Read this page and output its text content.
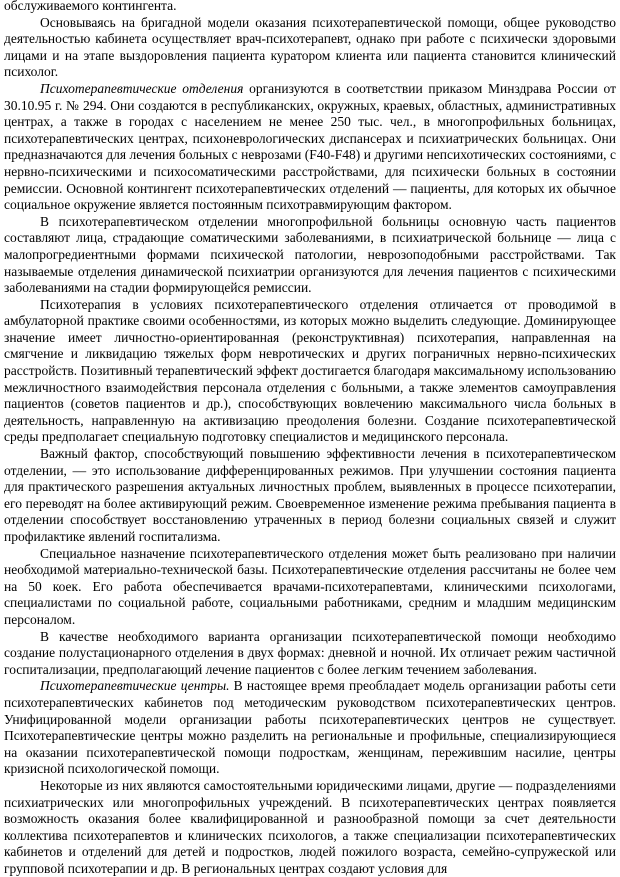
обслуживаемого контингента.

Основываясь на бригадной модели оказания психотерапевтической помощи, общее руководство деятельностью кабинета осуществляет врач-психотерапевт, однако при работе с психически здоровыми лицами и на этапе выздоровления пациента куратором клиента или пациента становится клинический психолог.

Психотерапевтические отделения организуются в соответствии приказом Минздрава России от 30.10.95 г. № 294. Они создаются в республиканских, окружных, краевых, областных, административных центрах, а также в городах с населением не менее 250 тыс. чел., в многопрофильных больницах, психотерапевтических центрах, психоневрологических диспансерах и психиатрических больницах. Они предназначаются для лечения больных с неврозами (F40-F48) и другими непсихотических состояниями, с нервно-психическими и психосоматическими расстройствами, для психически больных в состоянии ремиссии. Основной контингент психотерапевтических отделений — пациенты, для которых их обычное социальное окружение является постоянным психотравмирующим фактором.

В психотерапевтическом отделении многопрофильной больницы основную часть пациентов составляют лица, страдающие соматическими заболеваниями, в психиатрической больнице — лица с малопрогредиентными формами психической патологии, неврозоподобными расстройствами. Так называемые отделения динамической психиатрии организуются для лечения пациентов с психическими заболеваниями на стадии формирующейся ремиссии.

Психотерапия в условиях психотерапевтического отделения отличается от проводимой в амбулаторной практике своими особенностями, из которых можно выделить следующие. Доминирующее значение имеет личностно-ориентированная (реконструктивная) психотерапия, направленная на смягчение и ликвидацию тяжелых форм невротических и других пограничных нервно-психических расстройств. Позитивный терапевтический эффект достигается благодаря максимальному использованию межличностного взаимодействия персонала отделения с больными, а также элементов самоуправления пациентов (советов пациентов и др.), способствующих вовлечению максимального числа больных в деятельность, направленную на активизацию преодоления болезни. Создание психотерапевтической среды предполагает специальную подготовку специалистов и медицинского персонала.

Важный фактор, способствующий повышению эффективности лечения в психотерапевтическом отделении, — это использование дифференцированных режимов. При улучшении состояния пациента для практического разрешения актуальных личностных проблем, выявленных в процессе психотерапии, его переводят на более активирующий режим. Своевременное изменение режима пребывания пациента в отделении способствует восстановлению утраченных в период болезни социальных связей и служит профилактике явлений госпитализма.

Специальное назначение психотерапевтического отделения может быть реализовано при наличии необходимой материально-технической базы. Психотерапевтические отделения рассчитаны не более чем на 50 коек. Его работа обеспечивается врачами-психотерапевтами, клиническими психологами, специалистами по социальной работе, социальными работниками, средним и младшим медицинским персоналом.

В качестве необходимого варианта организации психотерапевтической помощи необходимо создание полустационарного отделения в двух формах: дневной и ночной. Их отличает режим частичной госпитализации, предполагающий лечение пациентов с более легким течением заболевания.

Психотерапевтические центры. В настоящее время преобладает модель организации работы сети психотерапевтических кабинетов под методическим руководством психотерапевтических центров. Унифицированной модели организации работы психотерапевтических центров не существует. Психотерапевтические центры можно разделить на региональные и профильные, специализирующиеся на оказании психотерапевтической помощи подросткам, женщинам, пережившим насилие, центры кризисной психологической помощи.

Некоторые из них являются самостоятельными юридическими лицами, другие — подразделениями психиатрических или многопрофильных учреждений. В психотерапевтических центрах появляется возможность оказания более квалифицированной и разнообразной помощи за счет деятельности коллектива психотерапевтов и клинических психологов, а также специализации психотерапевтических кабинетов и отделений для детей и подростков, людей пожилого возраста, семейно-супружеской или групповой психотерапии и др. В региональных центрах создают условия для
